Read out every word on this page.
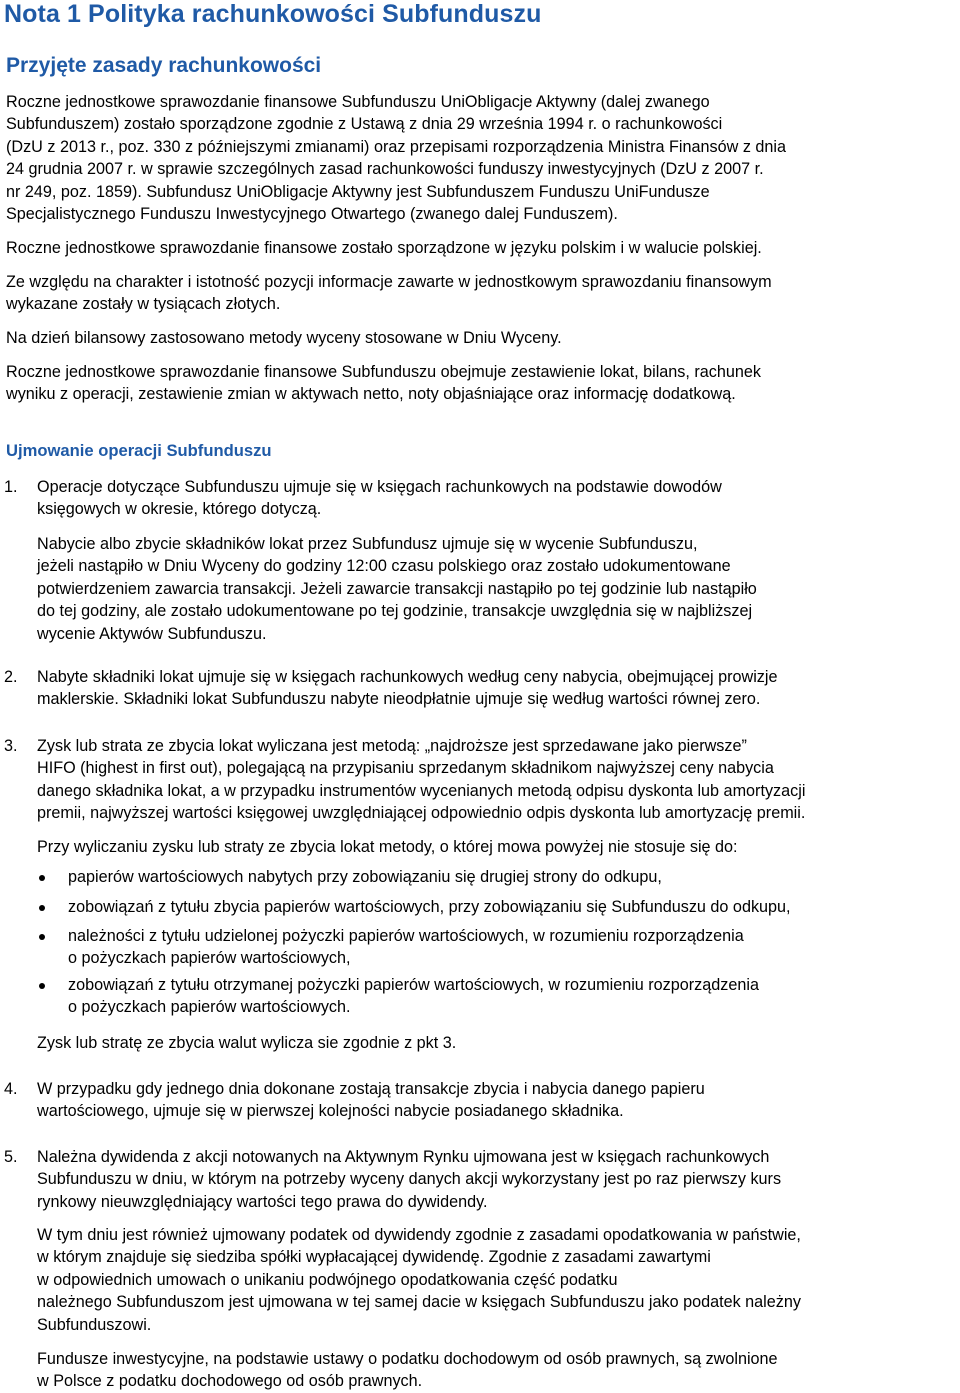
Nota 1 Polityka rachunkowości Subfunduszu
Przyjęte zasady rachunkowości

Roczne jednostkowe sprawozdanie finansowe Subfunduszu UniObligacje Aktywny (dalej zwanego
Subfunduszem) zostało sporządzone zgodnie z Ustawą z dnia 29 września 1994 r. o rachunkowości
(DzU z 2013 r., poz. 330 z późniejszymi zmianami) oraz przepisami rozporządzenia Ministra Finansów z dnia
24 grudnia 2007 r. w sprawie szczególnych zasad rachunkowości funduszy inwestycyjnych (DzU z 2007 r.
nr 249, poz. 1859). Subfundusz UniObligacje Aktywny jest Subfunduszem Funduszu UniFundusze
Specjalistycznego Funduszu Inwestycyjnego Otwartego (zwanego dalej Funduszem).

Roczne jednostkowe sprawozdanie finansowe zostało sporządzone w języku polskim i w walucie polskiej.

Ze względu na charakter i istotność pozycji informacje zawarte w jednostkowym sprawozdaniu finansowym
wykazane zostały w tysiącach złotych.

Na dzień bilansowy zastosowano metody wyceny stosowane w Dniu Wyceny.

Roczne jednostkowe sprawozdanie finansowe Subfunduszu obejmuje zestawienie lokat, bilans, rachunek
wyniku z operacji, zestawienie zmian w aktywach netto, noty objaśniające oraz informację dodatkową.

Ujmowanie operacji Subfunduszu
1. Operacje dotyczące Subfunduszu ujmuje się w księgach rachunkowych na podstawie dowodów
księgowych w okresie, którego dotyczą.

Nabycie albo zbycie składników lokat przez Subfundusz ujmuje się w wycenie Subfunduszu,
jeżeli nastąpiło w Dniu Wyceny do godziny 12:00 czasu polskiego oraz zostało udokumentowane
potwierdzeniem zawarcia transakcji. Jeżeli zawarcie transakcji nastąpiło po tej godzinie lub nastąpiło
do tej godziny, ale zostało udokumentowane po tej godzinie, transakcje uwzględnia się w najbliższej
wycenie Aktywów Subfunduszu.

2. Nabyte składniki lokat ujmuje się w księgach rachunkowych według ceny nabycia, obejmującej prowizje
maklerskie. Składniki lokat Subfunduszu nabyte nieodpłatnie ujmuje się według wartości równej zero.

3. Zysk lub strata ze zbycia lokat wyliczana jest metodą: „najdroższe jest sprzedawane jako pierwsze”
HIFO (highest in first out), polegającą na przypisaniu sprzedanym składnikom najwyższej ceny nabycia
danego składnika lokat, a w przypadku instrumentów wycenianych metodą odpisu dyskonta lub amortyzacji
premii, najwyższej wartości księgowej uwzględniającej odpowiednio odpis dyskonta lub amortyzację premii.

Przy wyliczaniu zysku lub straty ze zbycia lokat metody, o której mowa powyżej nie stosuje się do:

papierów wartościowych nabytych przy zobowiązaniu się drugiej strony do odkupu,

zobowiązań z tytułu zbycia papierów wartościowych, przy zobowiązaniu się Subfunduszu do odkupu,

należności z tytułu udzielonej pożyczki papierów wartościowych, w rozumieniu rozporządzenia
o pożyczkach papierów wartościowych,

zobowiązań z tytułu otrzymanej pożyczki papierów wartościowych, w rozumieniu rozporządzenia
o pożyczkach papierów wartościowych.

Zysk lub stratę ze zbycia walut wylicza sie zgodnie z pkt 3.

4. W przypadku gdy jednego dnia dokonane zostają transakcje zbycia i nabycia danego papieru
wartościowego, ujmuje się w pierwszej kolejności nabycie posiadanego składnika.

5. Należna dywidenda z akcji notowanych na Aktywnym Rynku ujmowana jest w księgach rachunkowych
Subfunduszu w dniu, w którym na potrzeby wyceny danych akcji wykorzystany jest po raz pierwszy kurs
rynkowy nieuwzględniający wartości tego prawa do dywidendy.

W tym dniu jest również ujmowany podatek od dywidendy zgodnie z zasadami opodatkowania w państwie,
w którym znajduje się siedziba spółki wypłacającej dywidendę. Zgodnie z zasadami zawartymi
w odpowiednich umowach o unikaniu podwójnego opodatkowania część podatku
należnego Subfunduszom jest ujmowana w tej samej dacie w księgach Subfunduszu jako podatek należny
Subfunduszowi.

Fundusze inwestycyjne, na podstawie ustawy o podatku dochodowym od osób prawnych, są zwolnione
w Polsce z podatku dochodowego od osób prawnych.
